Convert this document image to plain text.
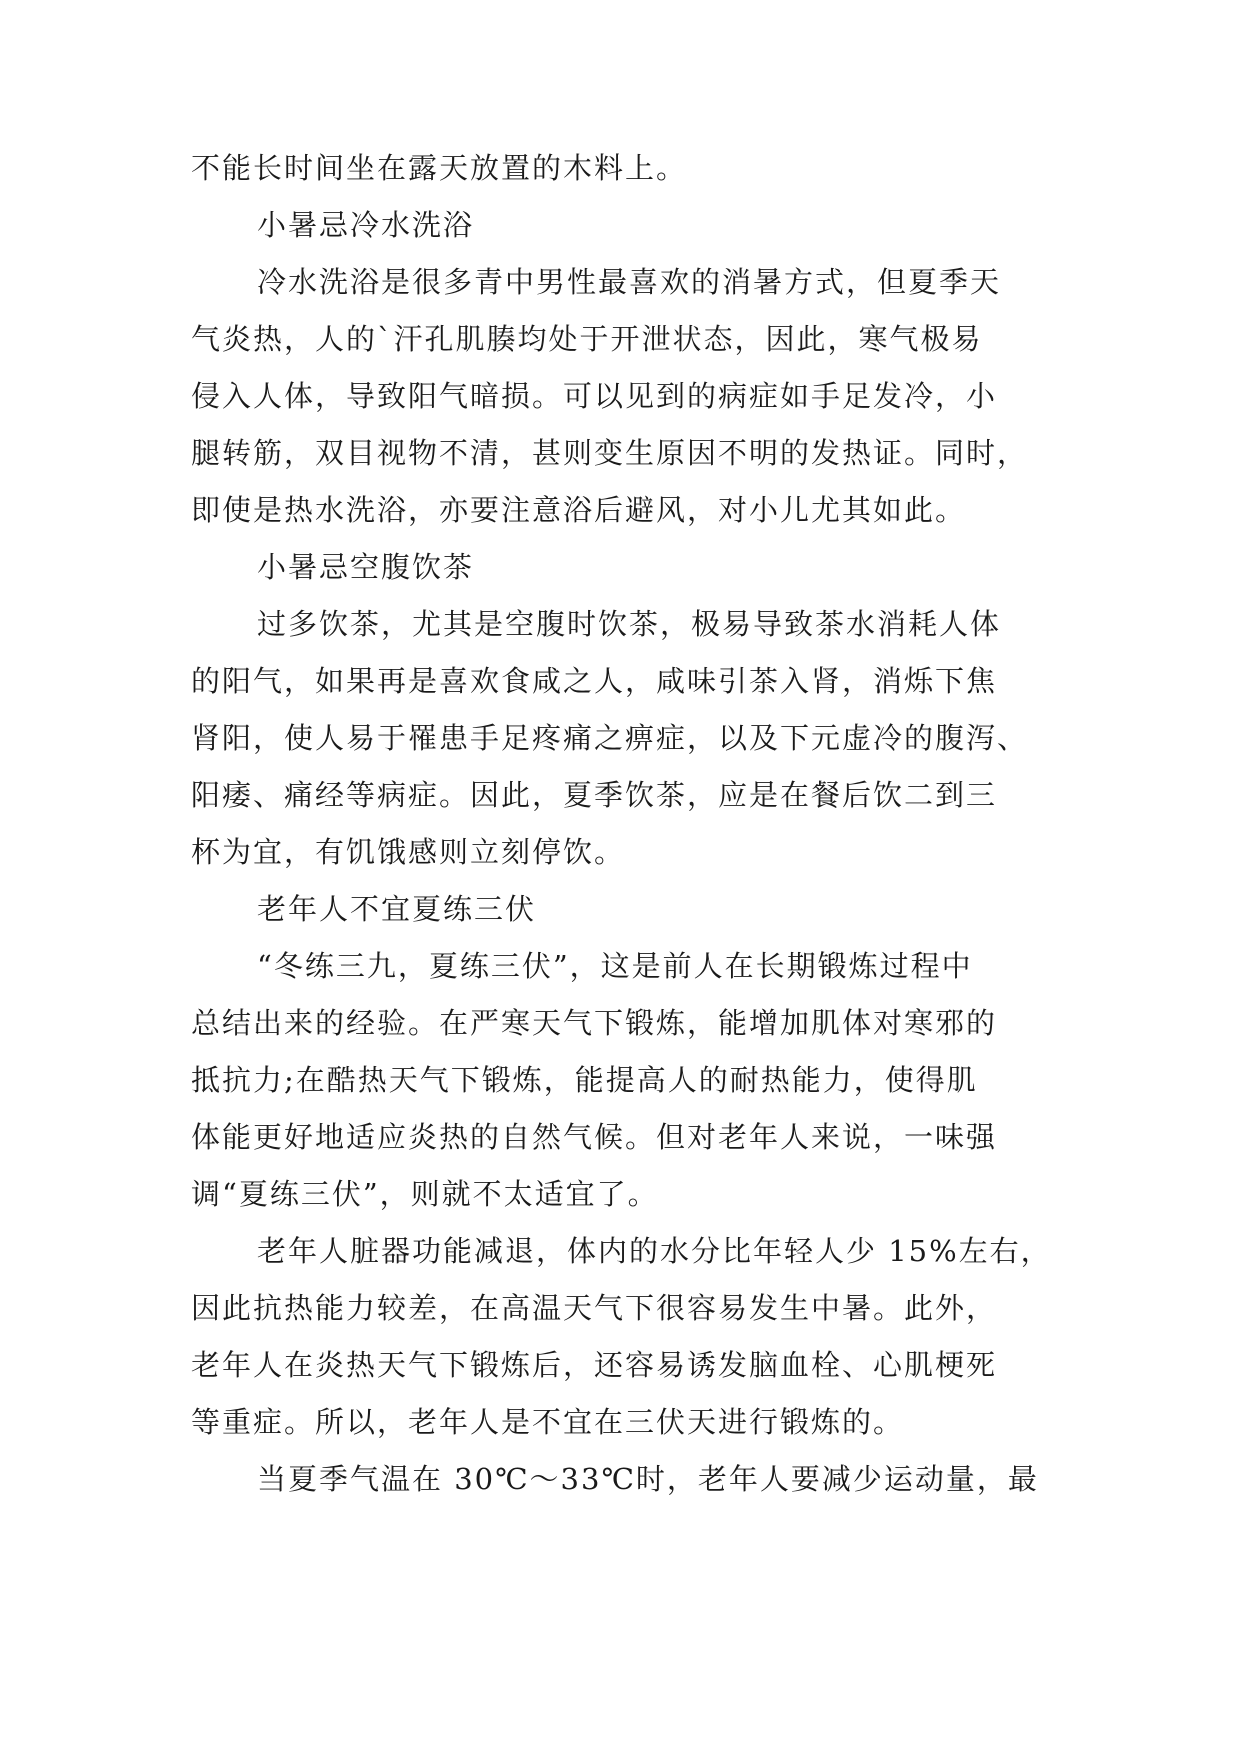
不能长时间坐在露天放置的木料上。
小暑忌冷水洗浴
冷水洗浴是很多青中男性最喜欢的消暑方式，但夏季天
气炎热，人的`汗孔肌腠均处于开泄状态，因此，寒气极易
侵入人体，导致阳气暗损。可以见到的病症如手足发冷，小
腿转筋，双目视物不清，甚则变生原因不明的发热证。同时，
即使是热水洗浴，亦要注意浴后避风，对小儿尤其如此。
小暑忌空腹饮茶
过多饮茶，尤其是空腹时饮茶，极易导致茶水消耗人体
的阳气，如果再是喜欢食咸之人，咸味引茶入肾，消烁下焦
肾阳，使人易于罹患手足疼痛之痹症，以及下元虚冷的腹泻、
阳痿、痛经等病症。因此，夏季饮茶，应是在餐后饮二到三
杯为宜，有饥饿感则立刻停饮。
老年人不宜夏练三伏
“冬练三九，夏练三伏”，这是前人在长期锻炼过程中
总结出来的经验。在严寒天气下锻炼，能增加肌体对寒邪的
抵抗力;在酷热天气下锻炼，能提高人的耐热能力，使得肌
体能更好地适应炎热的自然气候。但对老年人来说，一味强
调“夏练三伏”，则就不太适宜了。
老年人脏器功能减退，体内的水分比年轻人少 15%左右，
因此抗热能力较差，在高温天气下很容易发生中暑。此外，
老年人在炎热天气下锻炼后，还容易诱发脑血栓、心肌梗死
等重症。所以，老年人是不宜在三伏天进行锻炼的。
当夏季气温在 30℃～33℃时，老年人要减少运动量，最
